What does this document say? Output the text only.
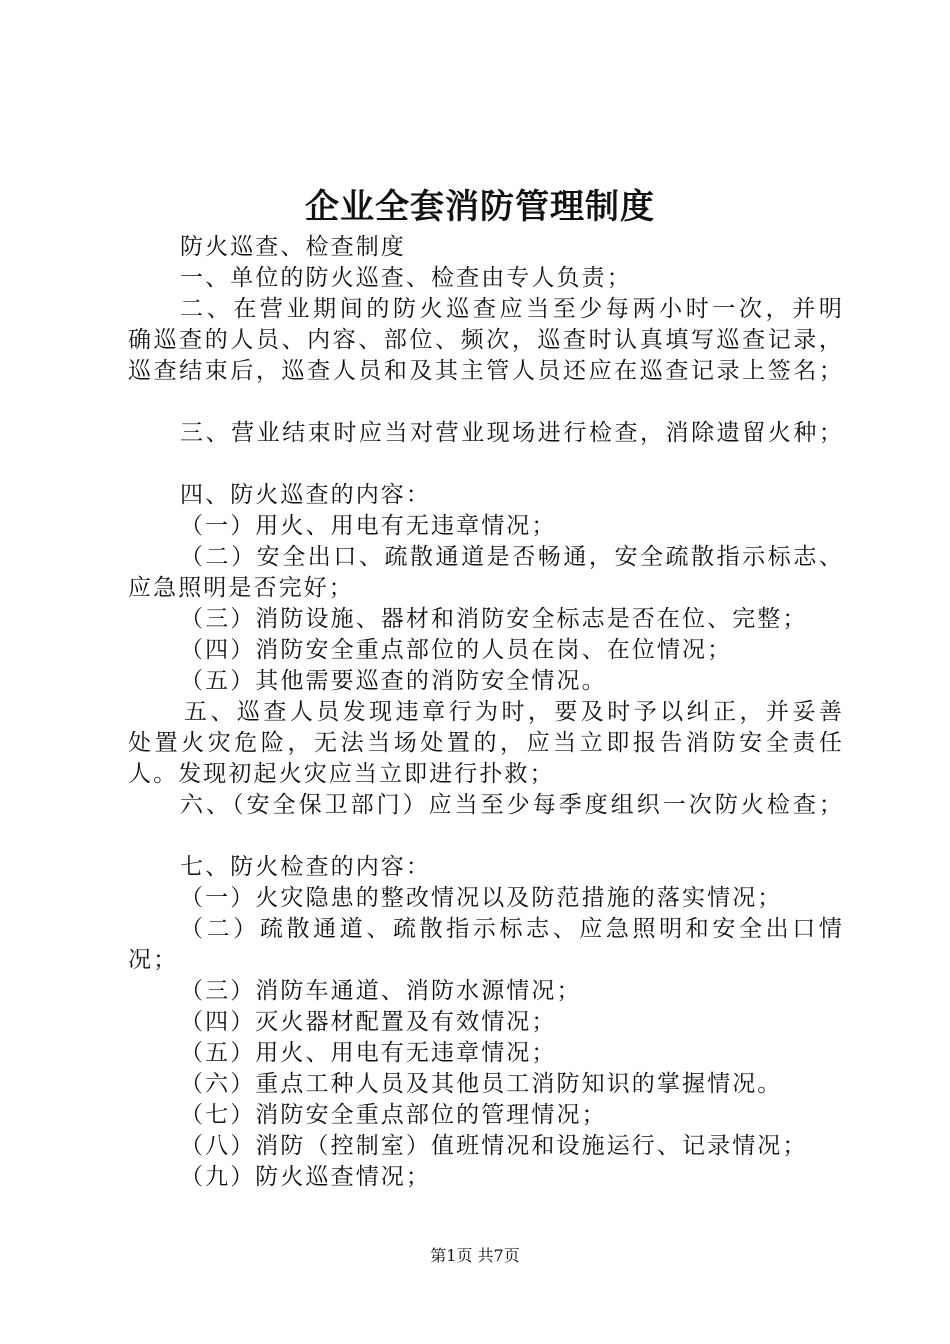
企业全套消防管理制度
防火巡查、检查制度
一、单位的防火巡查、检查由专人负责；
二、在营业期间的防火巡查应当至少每两小时一次，并明
确巡查的人员、内容、部位、频次，巡查时认真填写巡查记录，
巡查结束后，巡查人员和及其主管人员还应在巡查记录上签名；
三、营业结束时应当对营业现场进行检查，消除遗留火种；
四、防火巡查的内容：
（一）用火、用电有无违章情况；
（二）安全出口、疏散通道是否畅通，安全疏散指示标志、
应急照明是否完好；
（三）消防设施、器材和消防安全标志是否在位、完整；
（四）消防安全重点部位的人员在岗、在位情况；
（五）其他需要巡查的消防安全情况。
五、巡查人员发现违章行为时，要及时予以纠正，并妥善
处置火灾危险，无法当场处置的，应当立即报告消防安全责任
人。发现初起火灾应当立即进行扑救；
六、（安全保卫部门）应当至少每季度组织一次防火检查；
七、防火检查的内容：
（一）火灾隐患的整改情况以及防范措施的落实情况；
（二）疏散通道、疏散指示标志、应急照明和安全出口情
况；
（三）消防车通道、消防水源情况；
（四）灭火器材配置及有效情况；
（五）用火、用电有无违章情况；
（六）重点工种人员及其他员工消防知识的掌握情况。
（七）消防安全重点部位的管理情况；
（八）消防（控制室）值班情况和设施运行、记录情况；
（九）防火巡查情况；
第1页 共7页
